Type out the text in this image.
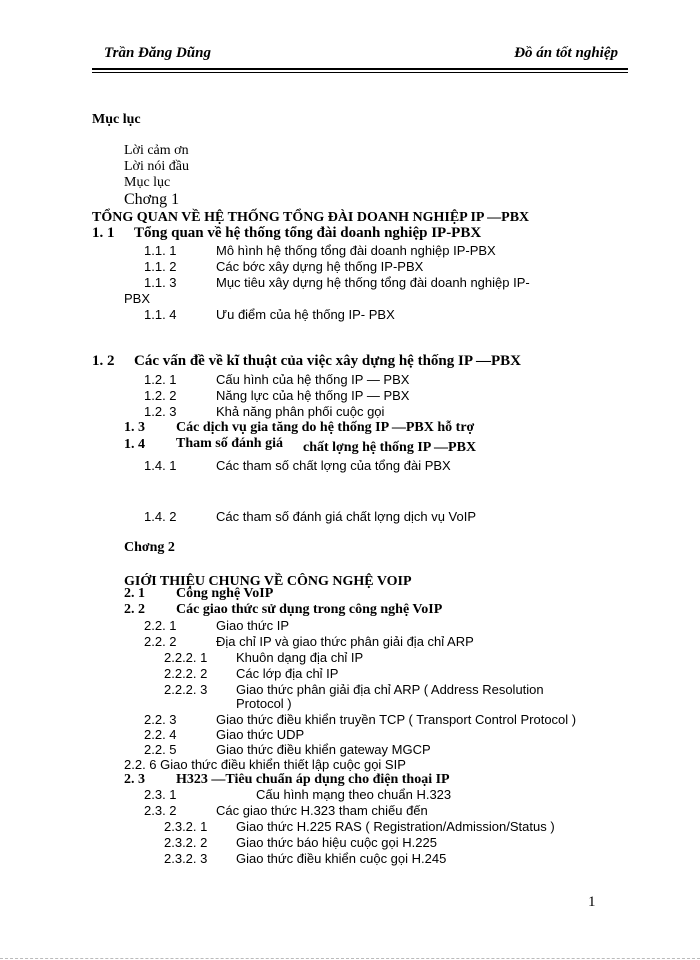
Trần Đăng Dũng	Đồ án tốt nghiệp
Mục lục
Lời cảm ơn
Lời nói đầu
Mục lục
Chơng 1
TỔNG QUAN VỀ HỆ THỐNG TỔNG ĐÀI DOANH NGHIỆP IP —PBX
1. 1 Tổng quan về hệ thống tổng đài doanh nghiệp IP-PBX
1.1. 1	Mô hình hệ thống tổng đài doanh nghiệp IP-PBX
1.1. 2	Các bớc xây dựng hệ thống IP-PBX
1.1. 3	Mục tiêu xây dựng hệ thống tổng đài doanh nghiệp IP-
PBX
1.1. 4	Ưu điểm của hệ thống IP- PBX
1. 2 Các vấn đề về kĩ thuật của việc xây dựng hệ thống IP —PBX
1.2. 1	Cấu hình của hệ thống IP — PBX
1.2. 2	Năng lực của hệ thống IP — PBX
1.2. 3	Khả năng phân phối cuộc gọi
1. 3 Các dịch vụ gia tăng do hệ thống IP —PBX hỗ trợ
1. 4 Tham số đánh giá chất lợng hệ thống IP —PBX
1.4. 1	Các tham số chất lợng của tổng đài PBX
1.4. 2	Các tham số đánh giá chất lợng dịch vụ VoIP
Chơng 2
GIỚI THIỆU CHUNG VỀ CÔNG NGHỆ VOIP
2. 1 Công nghệ VoIP
2. 2 Các giao thức sử dụng trong công nghệ VoIP
2.2. 1	Giao thức IP
2.2. 2	Địa chỉ IP và giao thức phân giải địa chỉ ARP
2.2.2. 1 Khuôn dạng địa chỉ IP
2.2.2. 2 Các lớp địa chỉ IP
2.2.2. 3 Giao thức phân giải địa chỉ ARP ( Address Resolution
Protocol )
2.2. 3	Giao thức điều khiển truyền TCP ( Transport Control Protocol )
2.2. 4	Giao thức UDP
2.2. 5	Giao thức điều khiển gateway MGCP
2.2. 6 Giao thức điều khiển thiết lập cuộc gọi SIP
2. 3 H323 —Tiêu chuẩn áp dụng cho điện thoại IP
2.3. 1	Cấu hình mạng theo chuẩn H.323
2.3. 2	Các giao thức H.323 tham chiếu đến
2.3.2. 1 Giao thức H.225 RAS ( Registration/Admission/Status )
2.3.2. 2 Giao thức báo hiệu cuộc gọi H.225
2.3.2. 3 Giao thức điều khiển cuộc gọi H.245
1
